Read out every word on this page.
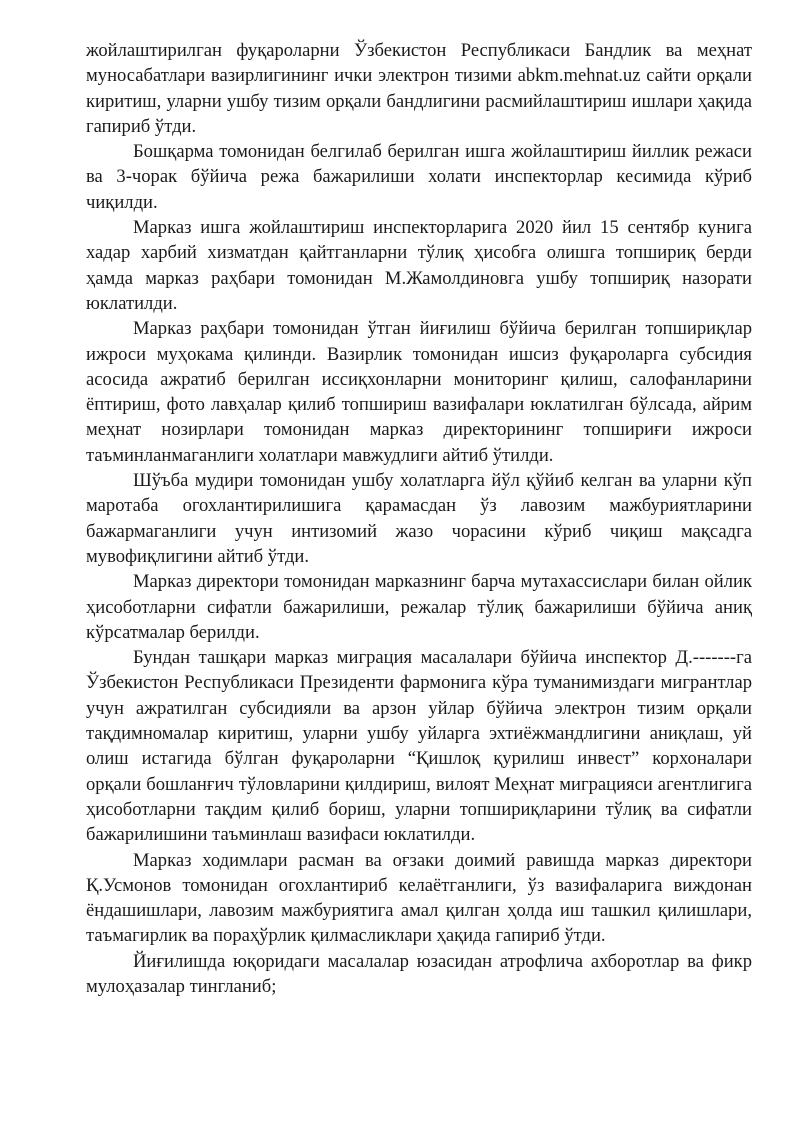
жойлаштирилган фуқароларни Ўзбекистон Республикаси Бандлик ва меҳнат муносабатлари вазирлигининг ички электрон тизими abkm.mehnat.uz сайти орқали киритиш, уларни ушбу тизим орқали бандлигини расмийлаштириш ишлари ҳақида гапириб ўтди.

Бошқарма томонидан белгилаб берилган ишга жойлаштириш йиллик режаси ва 3-чорак бўйича режа бажарилиши холати инспекторлар кесимида кўриб чиқилди.

Марказ ишга жойлаштириш инспекторларига 2020 йил 15 сентябр кунига хадар харбий хизматдан қайтганларни тўлиқ ҳисобга олишга топшириқ берди ҳамда марказ раҳбари томонидан М.Жамолдиновга ушбу топшириқ назорати юклатилди.

Марказ раҳбари томонидан ўтган йиғилиш бўйича берилган топшириқлар ижроси муҳокама қилинди. Вазирлик томонидан ишсиз фуқароларга субсидия асосида ажратиб берилган иссиқхонларни мониторинг қилиш, салофанларини ёптириш, фото лавҳалар қилиб топшириш вазифалари юклатилган бўлсада, айрим меҳнат нозирлари томонидан марказ директорининг топшириғи ижроси таъминланмаганлиги холатлари мавжудлиги айтиб ўтилди.

Шўъба мудири томонидан ушбу холатларга йўл қўйиб келган ва уларни кўп маротаба огохлантирилишига қарамасдан ўз лавозим мажбуриятларини бажармаганлиги учун интизомий жазо чорасини кўриб чиқиш мақсадга мувофиқлигини айтиб ўтди.

Марказ директори томонидан марказнинг барча мутахассислари билан ойлик ҳисоботларни сифатли бажарилиши, режалар тўлиқ бажарилиши бўйича аниқ кўрсатмалар берилди.

Бундан ташқари марказ миграция масалалари бўйича инспектор Д.-------га Ўзбекистон Республикаси Президенти фармонига кўра туманимиздаги мигрантлар учун ажратилган субсидияли ва арзон уйлар бўйича электрон тизим орқали тақдимномалар киритиш, уларни ушбу уйларга эхтиёжмандлигини аниқлаш, уй олиш истагида бўлган фуқароларни “Қишлоқ қурилиш инвест” корхоналари орқали бошланғич тўловларини қилдириш, вилоят Меҳнат миграцияси агентлигига ҳисоботларни тақдим қилиб бориш, уларни топшириқларини тўлиқ ва сифатли бажарилишини таъминлаш вазифаси юклатилди.

Марказ ходимлари расман ва оғзаки доимий равишда марказ директори Қ.Усмонов томонидан огохлантириб келаётганлиги, ўз вазифаларига виждонан ёндашишлари, лавозим мажбуриятига амал қилган ҳолда иш ташкил қилишлари, таъмагирлик ва пораҳўрлик қилмасликлари ҳақида гапириб ўтди.

Йиғилишда юқоридаги масалалар юзасидан атрофлича ахборотлар ва фикр мулоҳазалар тингланиб;
